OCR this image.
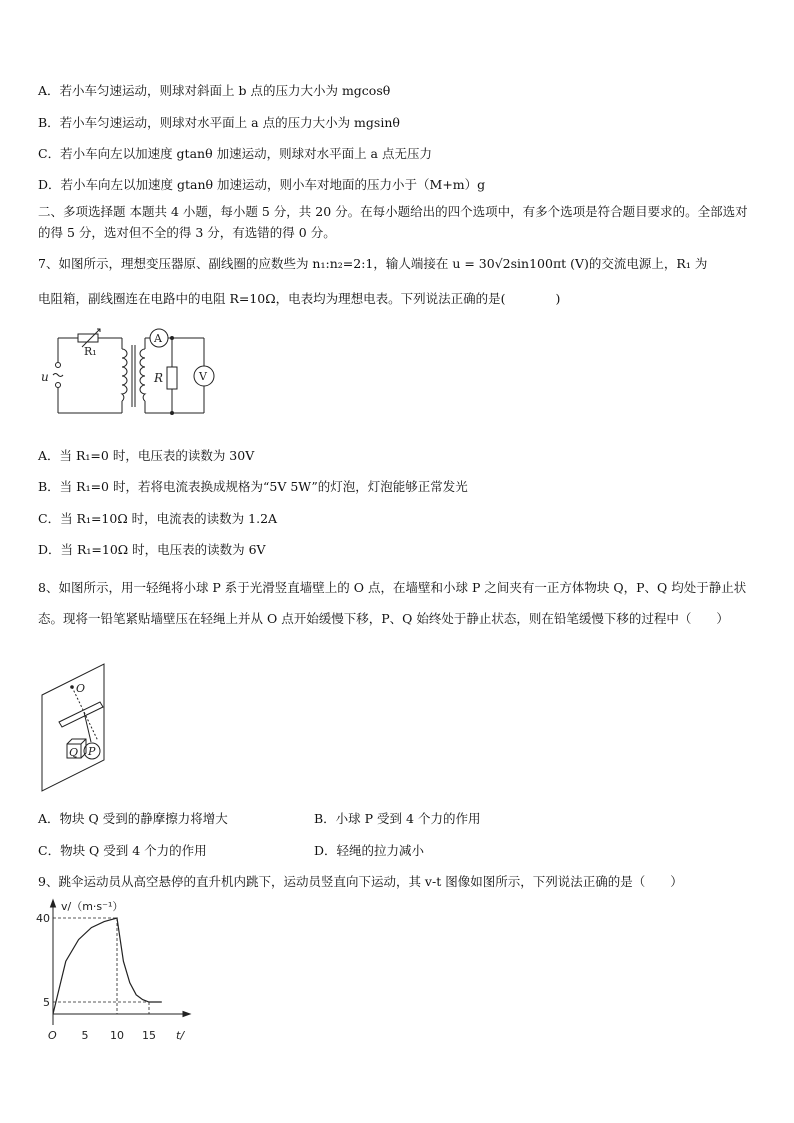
A．若小车匀速运动，则球对斜面上 b 点的压力大小为 mgcosθ
B．若小车匀速运动，则球对水平面上 a 点的压力大小为 mgsinθ
C．若小车向左以加速度 gtanθ 加速运动，则球对水平面上 a 点无压力
D．若小车向左以加速度 gtanθ 加速运动，则小车对地面的压力小于（M+m）g
二、多项选择题 本题共 4 小题，每小题 5 分，共 20 分。在每小题给出的四个选项中，有多个选项是符合题目要求的。全部选对的得 5 分，选对但不全的得 3 分，有选错的得 0 分。
7、如图所示，理想变压器原、副线圈的应数些为 n₁:n₂=2:1，输人端接在 u = 30√2sin100πt (V)的交流电源上，R₁ 为
电阻箱，副线圈连在电路中的电阻 R=10Ω，电表均为理想电表。下列说法正确的是(　　　　)
R₁
u
A
R	V
A．当 R₁=0 时，电压表的读数为 30V
B．当 R₁=0 时，若将电流表换成规格为“5V 5W”的灯泡，灯泡能够正常发光
C．当 R₁=10Ω 时，电流表的读数为 1.2A
D．当 R₁=10Ω 时，电压表的读数为 6V
8、如图所示，用一轻绳将小球 P 系于光滑竖直墙壁上的 O 点，在墙壁和小球 P 之间夹有一正方体物块 Q，P、Q 均处于静止状态。现将一铅笔紧贴墙壁压在轻绳上并从 O 点开始缓慢下移，P、Q 始终处于静止状态，则在铅笔缓慢下移的过程中（　　）
O
Q P
A．物块 Q 受到的静摩擦力将增大	B．小球 P 受到 4 个力的作用
C．物块 Q 受到 4 个力的作用	D．轻绳的拉力减小
9、跳伞运动员从高空悬停的直升机内跳下，运动员竖直向下运动，其 v-t 图像如图所示，下列说法正确的是（　　）
v/（m·s⁻¹）
t/
O 5 10 15
5
40
